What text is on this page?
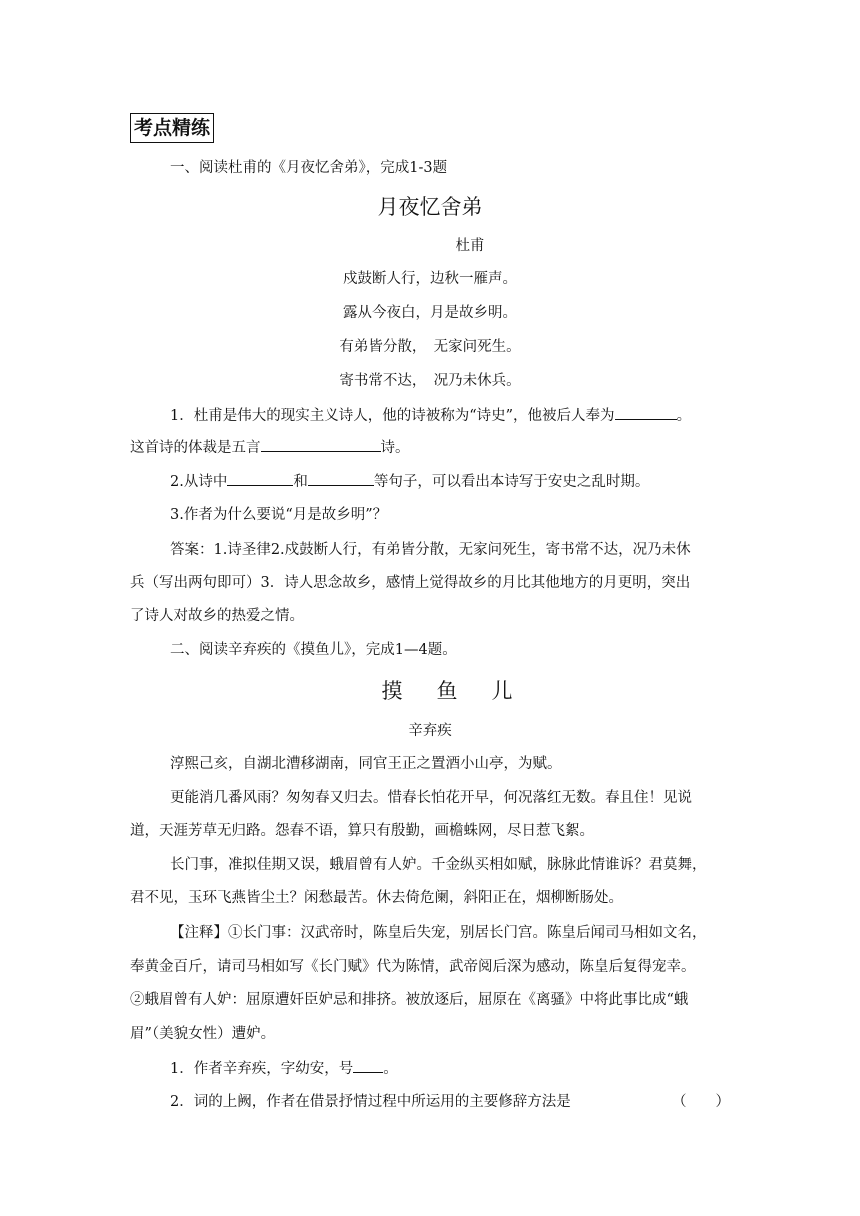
考点精练
一、阅读杜甫的《月夜忆舍弟》，完成1-3题
月夜忆舍弟
杜甫
戍鼓断人行，边秋一雁声。
露从今夜白，月是故乡明。
有弟皆分散，　无家问死生。
寄书常不达，　况乃未休兵。
1．杜甫是伟大的现实主义诗人，他的诗被称为“诗史”，他被后人奉为	。
这首诗的体裁是五言	诗。
2.从诗中	和	等句子，可以看出本诗写于安史之乱时期。
3.作者为什么要说“月是故乡明”？
答案：1.诗圣律2.戍鼓断人行，有弟皆分散，无家问死生，寄书常不达，况乃未休
兵（写出两句即可）3．诗人思念故乡，感情上觉得故乡的月比其他地方的月更明，突出
了诗人对故乡的热爱之情。
二、阅读辛弃疾的《摸鱼儿》，完成1—4题。
摸鱼儿
辛弃疾
淳熙己亥，自湖北漕移湖南，同官王正之置酒小山亭，为赋。
更能消几番风雨？匆匆春又归去。惜春长怕花开早，何况落红无数。春且住！见说
道，天涯芳草无归路。怨春不语，算只有殷勤，画檐蛛网，尽日惹飞絮。
长门事，准拟佳期又误，蛾眉曾有人妒。千金纵买相如赋，脉脉此情谁诉？君莫舞，
君不见，玉环飞燕皆尘土？闲愁最苦。休去倚危阑，斜阳正在，烟柳断肠处。
【注释】①长门事：汉武帝时，陈皇后失宠，别居长门宫。陈皇后闻司马相如文名，
奉黄金百斤，请司马相如写《长门赋》代为陈情，武帝阅后深为感动，陈皇后复得宠幸。
②蛾眉曾有人妒：屈原遭奸臣妒忌和排挤。被放逐后，屈原在《离骚》中将此事比成“蛾
眉”（美貌女性）遭妒。
1．作者辛弃疾，字幼安，号 。
2．词的上阙，作者在借景抒情过程中所运用的主要修辞方法是	（　　）
